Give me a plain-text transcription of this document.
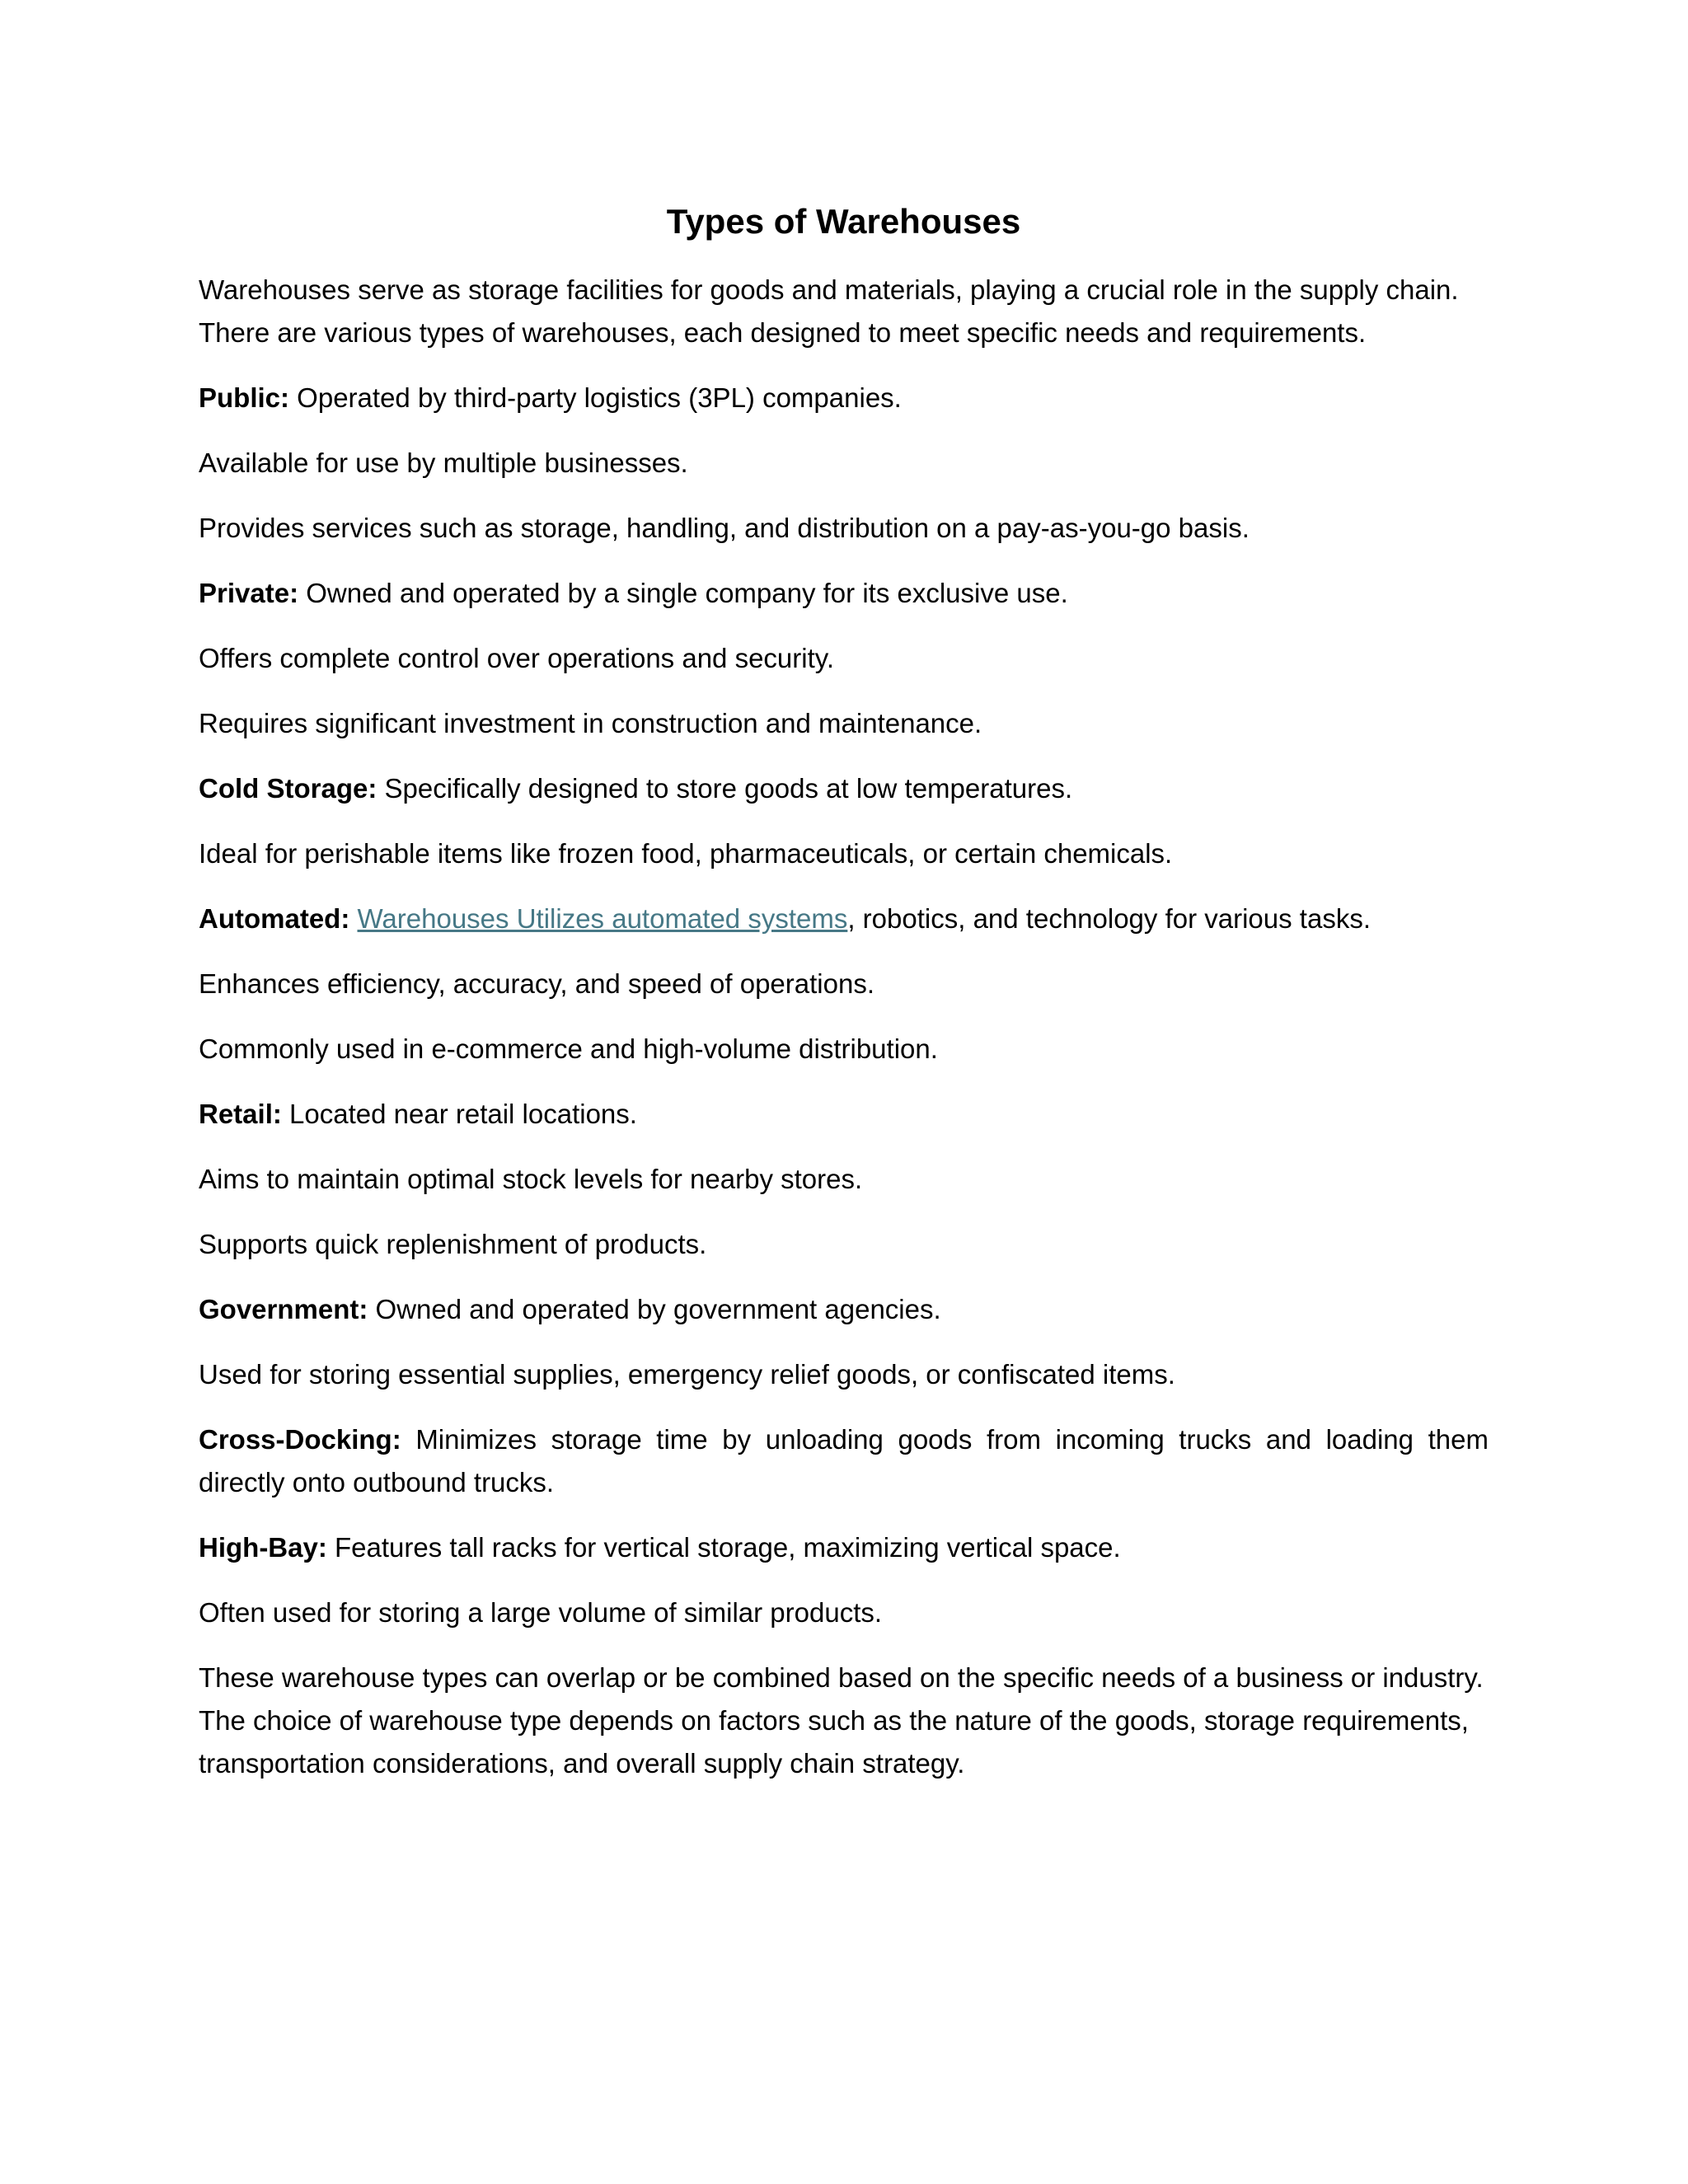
Types of Warehouses

Warehouses serve as storage facilities for goods and materials, playing a crucial role in the supply chain. There are various types of warehouses, each designed to meet specific needs and requirements.

Public: Operated by third-party logistics (3PL) companies.

Available for use by multiple businesses.

Provides services such as storage, handling, and distribution on a pay-as-you-go basis.

Private: Owned and operated by a single company for its exclusive use.

Offers complete control over operations and security.

Requires significant investment in construction and maintenance.

Cold Storage: Specifically designed to store goods at low temperatures.

Ideal for perishable items like frozen food, pharmaceuticals, or certain chemicals.

Automated: Warehouses Utilizes automated systems, robotics, and technology for various tasks.

Enhances efficiency, accuracy, and speed of operations.

Commonly used in e-commerce and high-volume distribution.

Retail: Located near retail locations.

Aims to maintain optimal stock levels for nearby stores.

Supports quick replenishment of products.

Government: Owned and operated by government agencies.

Used for storing essential supplies, emergency relief goods, or confiscated items.

Cross-Docking: Minimizes storage time by unloading goods from incoming trucks and loading them directly onto outbound trucks.

High-Bay: Features tall racks for vertical storage, maximizing vertical space.

Often used for storing a large volume of similar products.

These warehouse types can overlap or be combined based on the specific needs of a business or industry. The choice of warehouse type depends on factors such as the nature of the goods, storage requirements, transportation considerations, and overall supply chain strategy.
